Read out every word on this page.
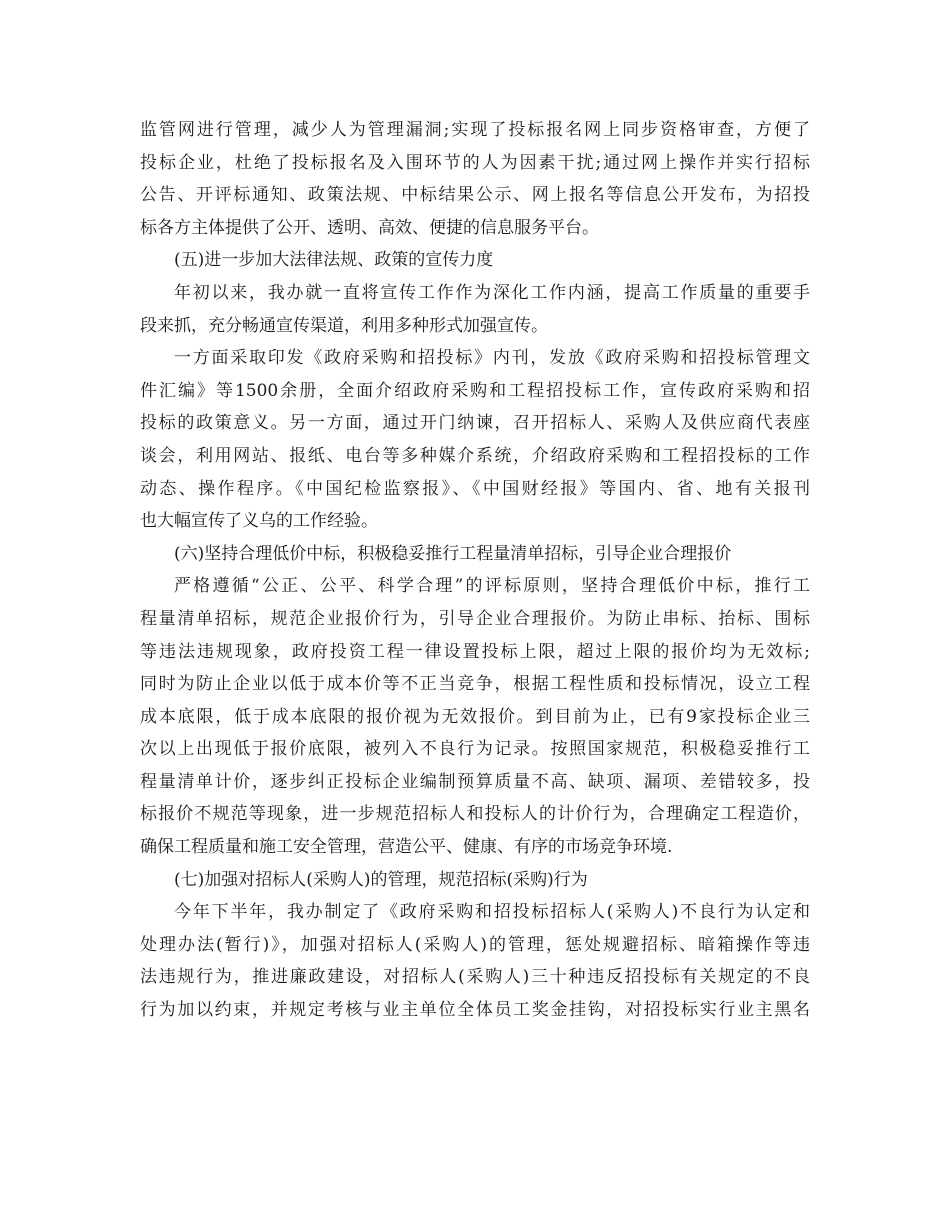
监管网进行管理，减少人为管理漏洞;实现了投标报名网上同步资格审查，方便了
投标企业，杜绝了投标报名及入围环节的人为因素干扰;通过网上操作并实行招标
公告、开评标通知、政策法规、中标结果公示、网上报名等信息公开发布，为招投
标各方主体提供了公开、透明、高效、便捷的信息服务平台。
(五)进一步加大法律法规、政策的宣传力度
年初以来，我办就一直将宣传工作作为深化工作内涵，提高工作质量的重要手
段来抓，充分畅通宣传渠道，利用多种形式加强宣传。
一方面采取印发《政府采购和招投标》内刊，发放《政府采购和招投标管理文
件汇编》等1500余册，全面介绍政府采购和工程招投标工作，宣传政府采购和招
投标的政策意义。另一方面，通过开门纳谏，召开招标人、采购人及供应商代表座
谈会，利用网站、报纸、电台等多种媒介系统，介绍政府采购和工程招投标的工作
动态、操作程序。《中国纪检监察报》、《中国财经报》等国内、省、地有关报刊
也大幅宣传了义乌的工作经验。
(六)坚持合理低价中标，积极稳妥推行工程量清单招标，引导企业合理报价
严格遵循“公正、公平、科学合理”的评标原则，坚持合理低价中标，推行工
程量清单招标，规范企业报价行为，引导企业合理报价。为防止串标、抬标、围标
等违法违规现象，政府投资工程一律设置投标上限，超过上限的报价均为无效标;
同时为防止企业以低于成本价等不正当竞争，根据工程性质和投标情况，设立工程
成本底限，低于成本底限的报价视为无效报价。到目前为止，已有9家投标企业三
次以上出现低于报价底限，被列入不良行为记录。按照国家规范，积极稳妥推行工
程量清单计价，逐步纠正投标企业编制预算质量不高、缺项、漏项、差错较多，投
标报价不规范等现象，进一步规范招标人和投标人的计价行为，合理确定工程造价，
确保工程质量和施工安全管理，营造公平、健康、有序的市场竞争环境.
(七)加强对招标人(采购人)的管理，规范招标(采购)行为
今年下半年，我办制定了《政府采购和招投标招标人(采购人)不良行为认定和
处理办法(暂行)》，加强对招标人(采购人)的管理，惩处规避招标、暗箱操作等违
法违规行为，推进廉政建设，对招标人(采购人)三十种违反招投标有关规定的不良
行为加以约束，并规定考核与业主单位全体员工奖金挂钩，对招投标实行业主黑名
